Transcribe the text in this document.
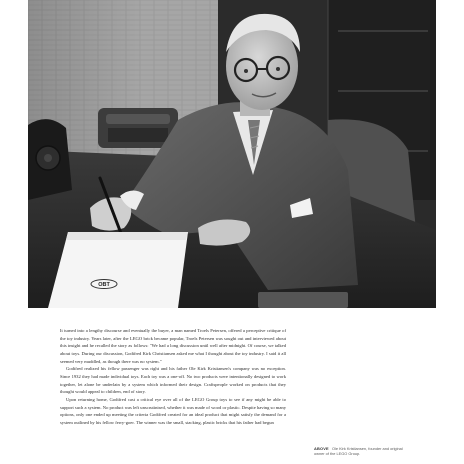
OBT

It turned into a lengthy discourse and eventually the buyer, a man named Troels Petersen, offered a perceptive critique of the toy industry. Years later, after the LEGO brick became popular, Troels Petersen was sought out and interviewed about this insight and he recalled the story as follows: "We had a long discussion until well after midnight. Of course, we talked about toys. During our discussion, Godtfred Kirk Christiansen asked me what I thought about the toy industry. I said it all seemed very muddled, as though there was no system."

Godtfred realized his fellow passenger was right and his father Ole Kirk Kristiansen's company was no exception. Since 1932 they had made individual toys. Each toy was a one-off. No two products were intentionally designed to work together, let alone be underlain by a system which informed their design. Craftspeople worked on products that they thought would appeal to children, end of story.

Upon returning home, Godtfred cast a critical eye over all of the LEGO Group toys to see if any might be able to support such a system. No product was left unscrutinised, whether it was made of wood or plastic. Despite having so many options, only one ended up meeting the criteria Godtfred created for an ideal product that might satisfy the demand for a system outlined by his fellow ferry-goer. The winner was the small, stacking, plastic bricks that his father had begun

ABOVE Ole Kirk Kristiansen, founder and original owner of the LEGO Group.
